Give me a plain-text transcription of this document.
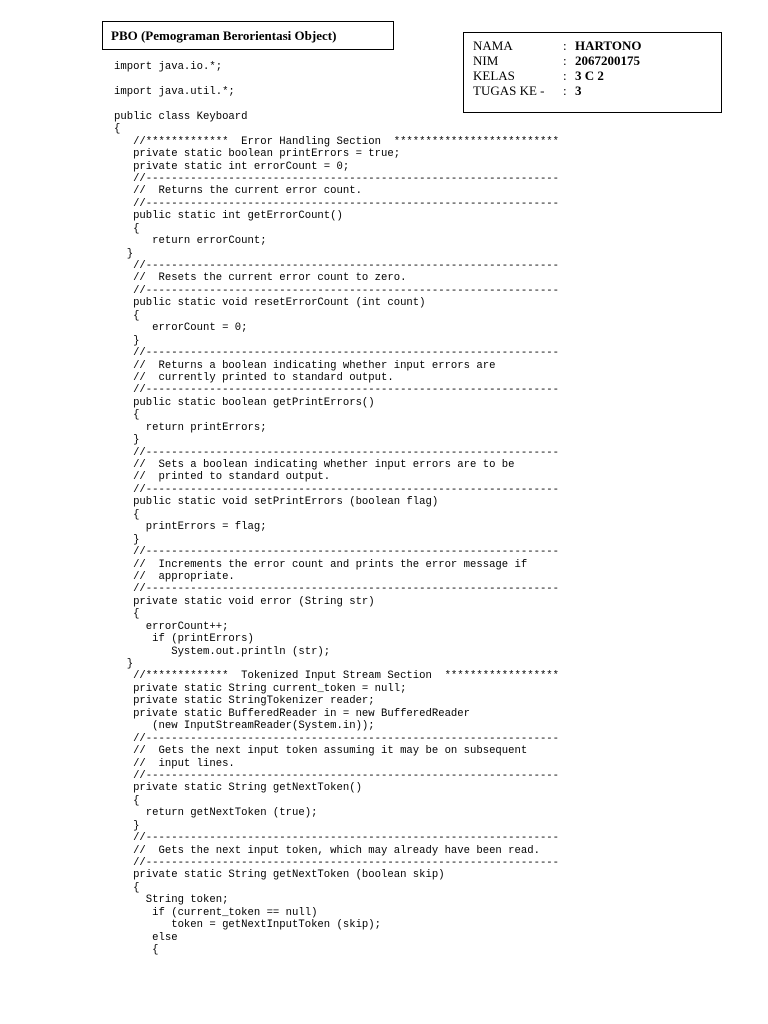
PBO (Pemograman Berorientasi Object)
NAMA	: HARTONO
NIM	: 2067200175
KELAS	: 3 C 2
TUGAS KE - : 3
import java.io.*;
import java.util.*;
public class Keyboard
{
//*************  Error Handling Section  **************************
private static boolean printErrors = true;
private static int errorCount = 0;
//-----------------------------------------------------------------
//  Returns the current error count.
//-----------------------------------------------------------------
public static int getErrorCount()
{
return errorCount;
}
//-----------------------------------------------------------------
//  Resets the current error count to zero.
//-----------------------------------------------------------------
public static void resetErrorCount (int count)
{
errorCount = 0;
}
//-----------------------------------------------------------------
//  Returns a boolean indicating whether input errors are
//  currently printed to standard output.
//-----------------------------------------------------------------
public static boolean getPrintErrors()
{
return printErrors;
}
//-----------------------------------------------------------------
//  Sets a boolean indicating whether input errors are to be
//  printed to standard output.
//-----------------------------------------------------------------
public static void setPrintErrors (boolean flag)
{
printErrors = flag;
}
//-----------------------------------------------------------------
//  Increments the error count and prints the error message if
//  appropriate.
//-----------------------------------------------------------------
private static void error (String str)
{
errorCount++;
if (printErrors)
System.out.println (str);
}
//*************  Tokenized Input Stream Section  ******************
private static String current_token = null;
private static StringTokenizer reader;
private static BufferedReader in = new BufferedReader
(new InputStreamReader(System.in));
//-----------------------------------------------------------------
//  Gets the next input token assuming it may be on subsequent
//  input lines.
//-----------------------------------------------------------------
private static String getNextToken()
{
return getNextToken (true);
}
//-----------------------------------------------------------------
//  Gets the next input token, which may already have been read.
//-----------------------------------------------------------------
private static String getNextToken (boolean skip)
{
String token;
if (current_token == null)
token = getNextInputToken (skip);
else
{
